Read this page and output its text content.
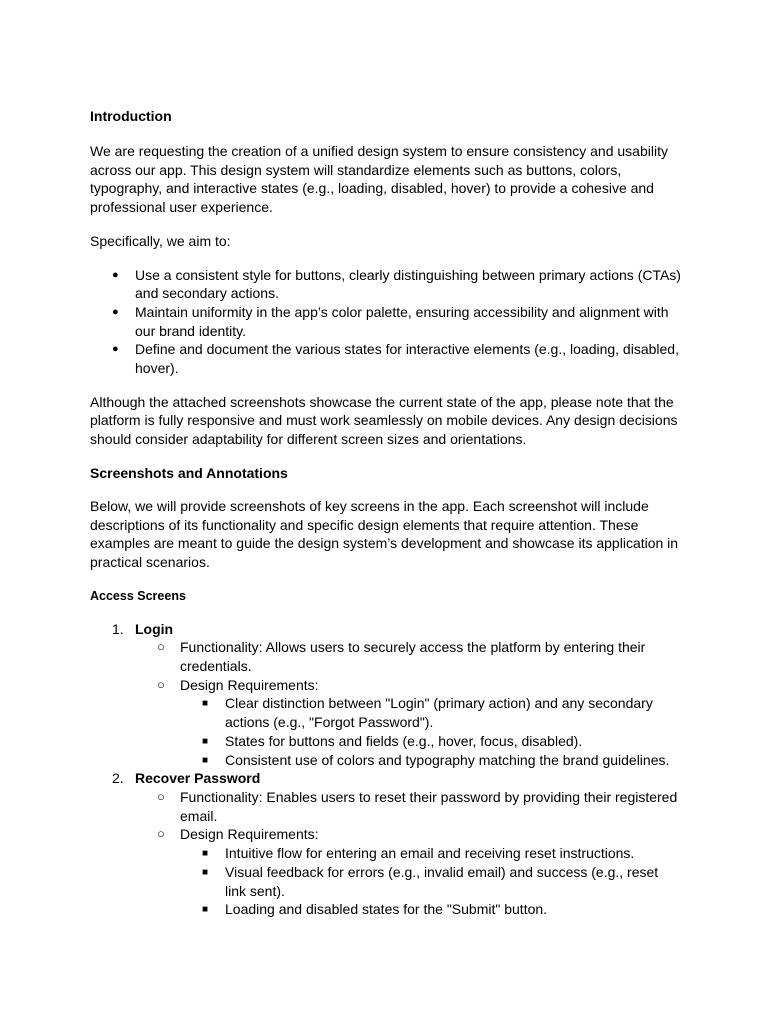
Introduction

We are requesting the creation of a unified design system to ensure consistency and usability across our app. This design system will standardize elements such as buttons, colors, typography, and interactive states (e.g., loading, disabled, hover) to provide a cohesive and professional user experience.

Specifically, we aim to:

● Use a consistent style for buttons, clearly distinguishing between primary actions (CTAs) and secondary actions.
● Maintain uniformity in the app’s color palette, ensuring accessibility and alignment with our brand identity.
● Define and document the various states for interactive elements (e.g., loading, disabled, hover).

Although the attached screenshots showcase the current state of the app, please note that the platform is fully responsive and must work seamlessly on mobile devices. Any design decisions should consider adaptability for different screen sizes and orientations.

Screenshots and Annotations

Below, we will provide screenshots of key screens in the app. Each screenshot will include descriptions of its functionality and specific design elements that require attention. These examples are meant to guide the design system’s development and showcase its application in practical scenarios.

Access Screens

1. Login
○ Functionality: Allows users to securely access the platform by entering their credentials.
○ Design Requirements:
■ Clear distinction between "Login" (primary action) and any secondary actions (e.g., "Forgot Password").
■ States for buttons and fields (e.g., hover, focus, disabled).
■ Consistent use of colors and typography matching the brand guidelines.
2. Recover Password
○ Functionality: Enables users to reset their password by providing their registered email.
○ Design Requirements:
■ Intuitive flow for entering an email and receiving reset instructions.
■ Visual feedback for errors (e.g., invalid email) and success (e.g., reset link sent).
■ Loading and disabled states for the "Submit" button.
